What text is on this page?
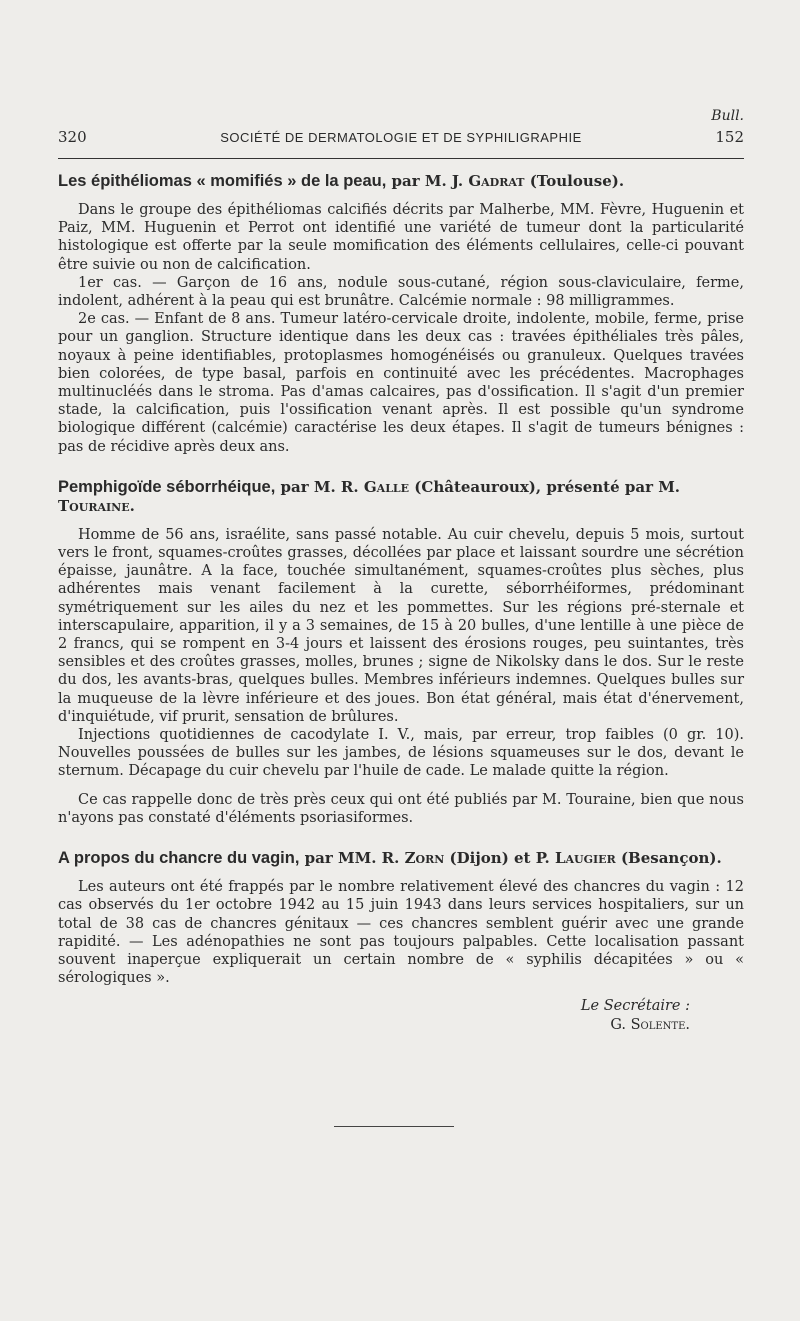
Bull.
320	SOCIÉTÉ DE DERMATOLOGIE ET DE SYPHILIGRAPHIE	152
Les épithéliomas « momifiés » de la peau, par M. J. Gadrat (Toulouse).

Dans le groupe des épithéliomas calcifiés décrits par Malherbe, MM. Fèvre, Huguenin et Paiz, MM. Huguenin et Perrot ont identifié une variété de tumeur dont la particularité histologique est offerte par la seule momification des éléments cellulaires, celle-ci pouvant être suivie ou non de calcification.

1er cas. — Garçon de 16 ans, nodule sous-cutané, région sous-claviculaire, ferme, indolent, adhérent à la peau qui est brunâtre. Calcémie normale : 98 milligrammes.

2e cas. — Enfant de 8 ans. Tumeur latéro-cervicale droite, indolente, mobile, ferme, prise pour un ganglion. Structure identique dans les deux cas : travées épithéliales très pâles, noyaux à peine identifiables, protoplasmes homogénéisés ou granuleux. Quelques travées bien colorées, de type basal, parfois en continuité avec les précédentes. Macrophages multinucléés dans le stroma. Pas d'amas calcaires, pas d'ossification. Il s'agit d'un premier stade, la calcification, puis l'ossification venant après. Il est possible qu'un syndrome biologique différent (calcémie) caractérise les deux étapes. Il s'agit de tumeurs bénignes : pas de récidive après deux ans.

Pemphigoïde séborrhéique, par M. R. Galle (Châteauroux), présenté par M. Touraine.

Homme de 56 ans, israélite, sans passé notable. Au cuir chevelu, depuis 5 mois, surtout vers le front, squames-croûtes grasses, décollées par place et laissant sourdre une sécrétion épaisse, jaunâtre. A la face, touchée simultanément, squames-croûtes plus sèches, plus adhérentes mais venant facilement à la curette, séborrhéiformes, prédominant symétriquement sur les ailes du nez et les pommettes. Sur les régions pré-sternale et interscapulaire, apparition, il y a 3 semaines, de 15 à 20 bulles, d'une lentille à une pièce de 2 francs, qui se rompent en 3-4 jours et laissent des érosions rouges, peu suintantes, très sensibles et des croûtes grasses, molles, brunes ; signe de Nikolsky dans le dos. Sur le reste du dos, les avants-bras, quelques bulles. Membres inférieurs indemnes. Quelques bulles sur la muqueuse de la lèvre inférieure et des joues. Bon état général, mais état d'énervement, d'inquiétude, vif prurit, sensation de brûlures.

Injections quotidiennes de cacodylate I. V., mais, par erreur, trop faibles (0 gr. 10). Nouvelles poussées de bulles sur les jambes, de lésions squameuses sur le dos, devant le sternum. Décapage du cuir chevelu par l'huile de cade. Le malade quitte la région.

Ce cas rappelle donc de très près ceux qui ont été publiés par M. Touraine, bien que nous n'ayons pas constaté d'éléments psoriasiformes.

A propos du chancre du vagin, par MM. R. Zorn (Dijon) et P. Laugier (Besançon).

Les auteurs ont été frappés par le nombre relativement élevé des chancres du vagin : 12 cas observés du 1er octobre 1942 au 15 juin 1943 dans leurs services hospitaliers, sur un total de 38 cas de chancres génitaux — ces chancres semblent guérir avec une grande rapidité. — Les adénopathies ne sont pas toujours palpables. Cette localisation passant souvent inaperçue expliquerait un certain nombre de « syphilis décapitées » ou « sérologiques ».

Le Secrétaire :

G. Solente.
